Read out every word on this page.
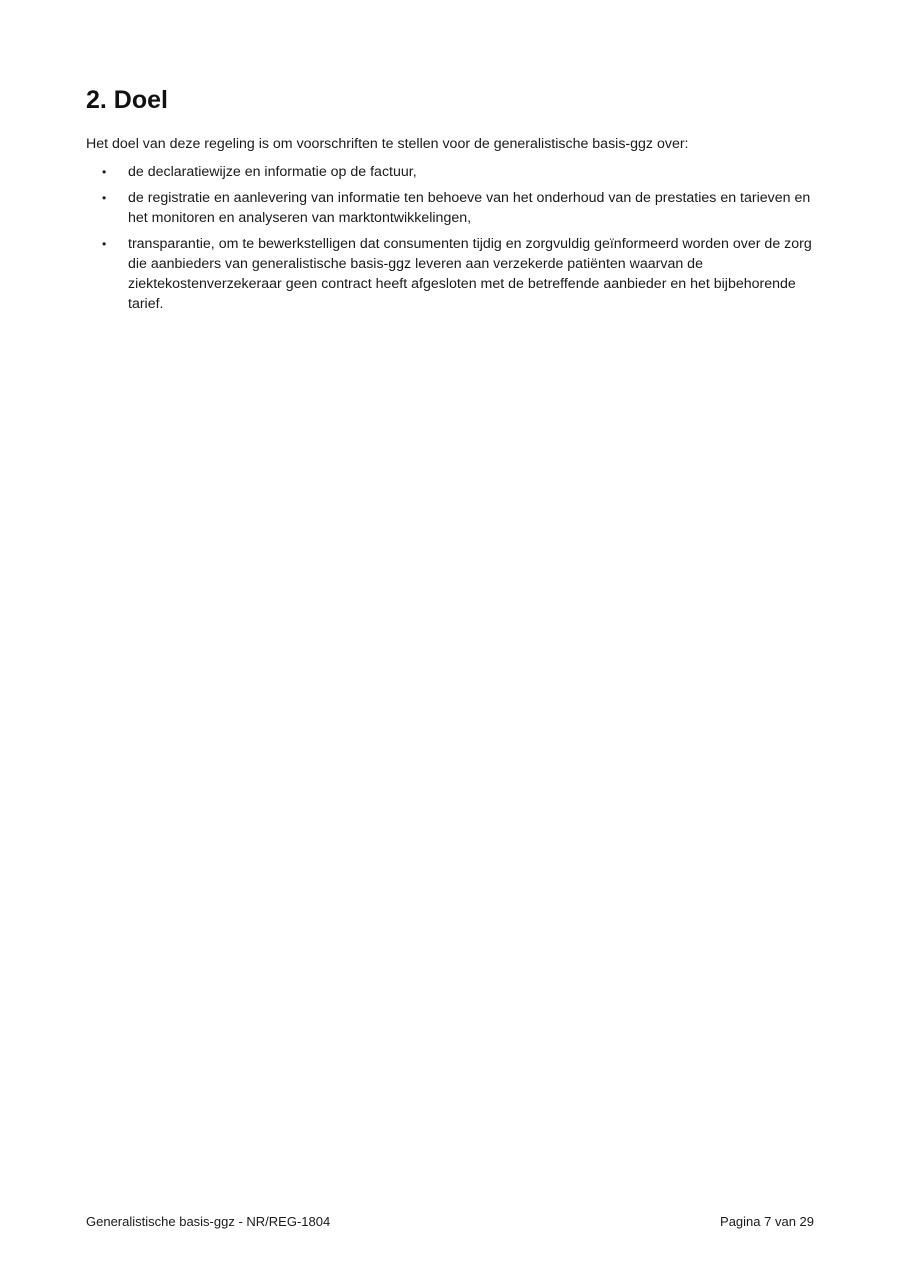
2. Doel

Het doel van deze regeling is om voorschriften te stellen voor de generalistische basis-ggz over:

•	de declaratiewijze en informatie op de factuur,
•	de registratie en aanlevering van informatie ten behoeve van het onderhoud van de prestaties en tarieven en het monitoren en analyseren van marktontwikkelingen,
•	transparantie, om te bewerkstelligen dat consumenten tijdig en zorgvuldig geïnformeerd worden over de zorg die aanbieders van generalistische basis-ggz leveren aan verzekerde patiënten waarvan de ziektekostenverzekeraar geen contract heeft afgesloten met de betreffende aanbieder en het bijbehorende tarief.
Generalistische basis-ggz - NR/REG-1804	Pagina 7 van 29
